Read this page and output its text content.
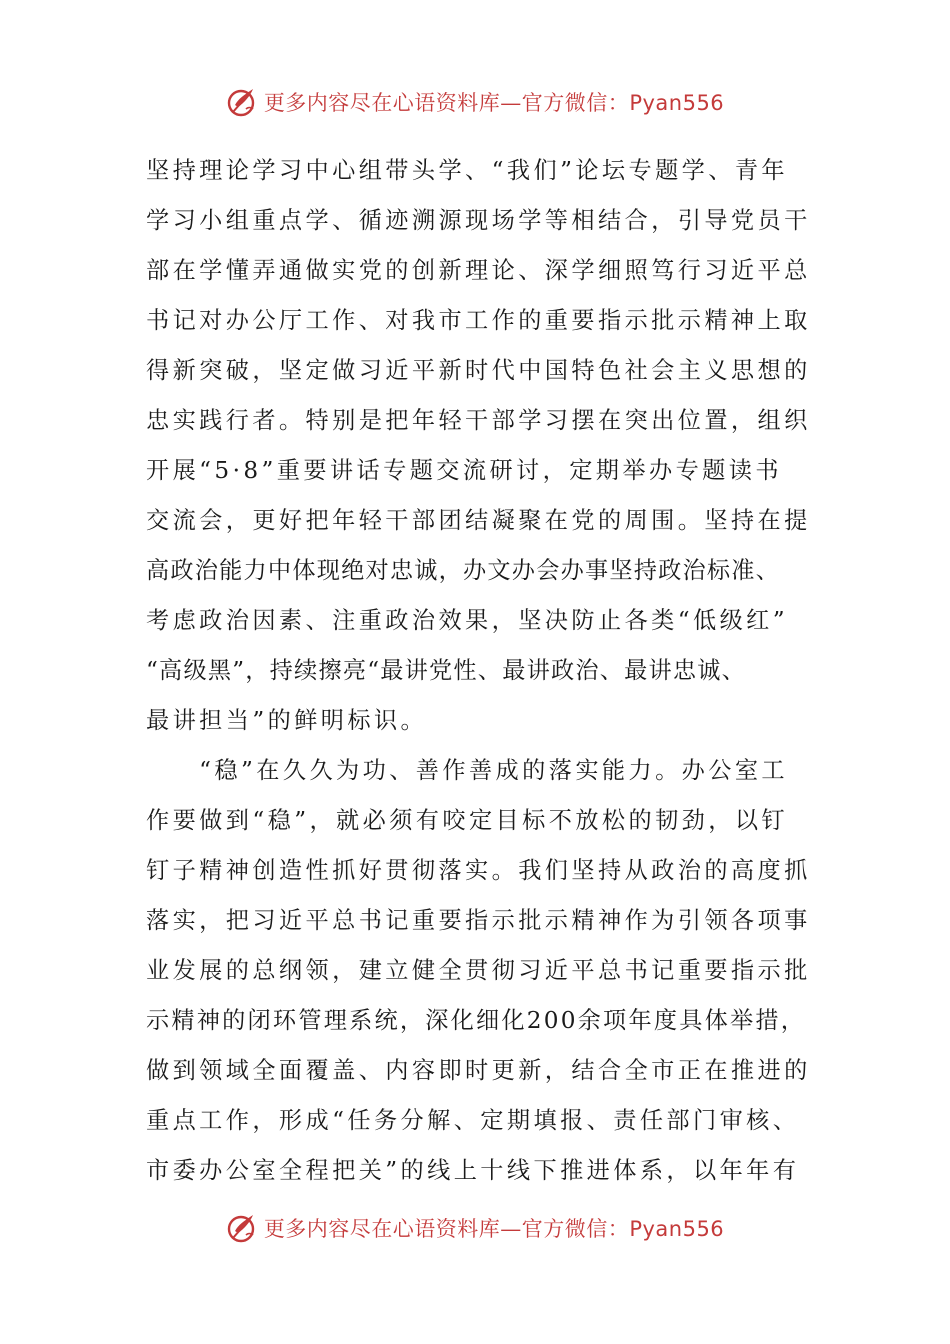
更多内容尽在心语资料库—官方微信：Pyan556
坚持理论学习中心组带头学、“我们”论坛专题学、青年
学习小组重点学、循迹溯源现场学等相结合，引导党员干
部在学懂弄通做实党的创新理论、深学细照笃行习近平总
书记对办公厅工作、对我市工作的重要指示批示精神上取
得新突破，坚定做习近平新时代中国特色社会主义思想的
忠实践行者。特别是把年轻干部学习摆在突出位置，组织
开展“5·8”重要讲话专题交流研讨，定期举办专题读书
交流会，更好把年轻干部团结凝聚在党的周围。坚持在提
高政治能力中体现绝对忠诚，办文办会办事坚持政治标准、
考虑政治因素、注重政治效果，坚决防止各类“低级红”
“高级黑”，持续擦亮“最讲党性、最讲政治、最讲忠诚、
最讲担当”的鲜明标识。
　　“稳”在久久为功、善作善成的落实能力。办公室工
作要做到“稳”，就必须有咬定目标不放松的韧劲，以钉
钉子精神创造性抓好贯彻落实。我们坚持从政治的高度抓
落实，把习近平总书记重要指示批示精神作为引领各项事
业发展的总纲领，建立健全贯彻习近平总书记重要指示批
示精神的闭环管理系统，深化细化200余项年度具体举措，
做到领域全面覆盖、内容即时更新，结合全市正在推进的
重点工作，形成“任务分解、定期填报、责任部门审核、
市委办公室全程把关”的线上十线下推进体系，以年年有
更多内容尽在心语资料库—官方微信：Pyan556
